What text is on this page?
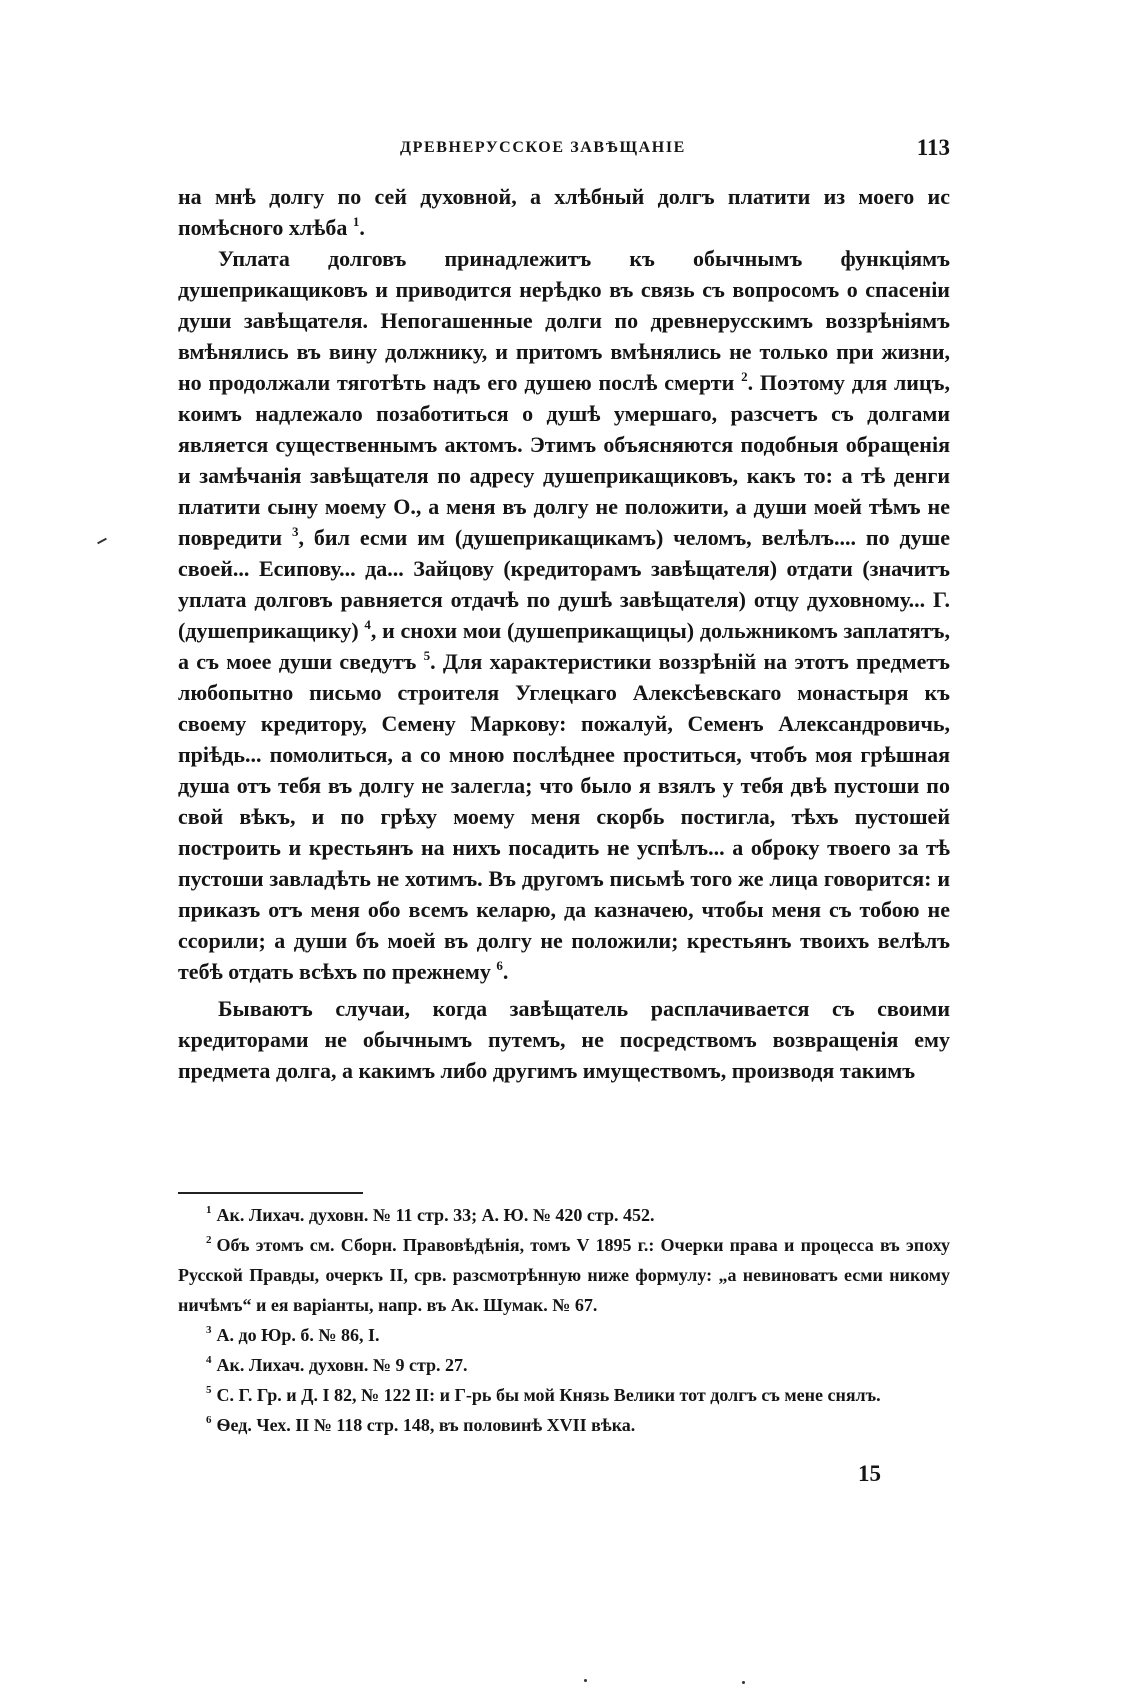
ДРЕВНЕРУССКОЕ ЗАВѢЩАНІЕ	113

на мнѣ долгу по сей духовной, а хлѣбный долгъ платити из моего ис помѣсного хлѣба $^1$.

Уплата долговъ принадлежитъ къ обычнымъ функціямъ душеприкащиковъ и приводится нерѣдко въ связь съ вопросомъ о спасеніи души завѣщателя. Непогашенные долги по древнерусскимъ воззрѣніямъ вмѣнялись въ вину должнику, и притомъ вмѣнялись не только при жизни, но продолжали тяготѣть надъ его душею послѣ смерти $^2$. Поэтому для лицъ, коимъ надлежало позаботиться о душѣ умершаго, разсчетъ съ долгами является существеннымъ актомъ. Этимъ объясняются подобныя обращенія и замѣчанія завѣщателя по адресу душеприкащиковъ, какъ то: а тѣ денги платити сыну моему О., а меня въ долгу не положити, а души моей тѣмъ не повредити $^3$, бил есми им (душеприкащикамъ) челомъ, велѣлъ.... по душе своей... Есипову... да... Зайцову (кредиторамъ завѣщателя) отдати (значитъ уплата долговъ равняется отдачѣ по душѣ завѣщателя) отцу духовному... Г. (душеприкащику) $^4$, и снохи мои (душеприкащицы) дольжникомъ заплатятъ, а съ моее души сведутъ $^5$. Для характеристики воззрѣній на этотъ предметъ любопытно письмо строителя Углецкаго Алексѣевскаго монастыря къ своему кредитору, Семену Маркову: пожалуй, Семенъ Александровичь, пріѣдь... помолиться, а со мною послѣднее проститься, чтобъ моя грѣшная душа отъ тебя въ долгу не залегла; что было я взялъ у тебя двѣ пустоши по свой вѣкъ, и по грѣху моему меня скорбь постигла, тѣхъ пустошей построить и крестьянъ на нихъ посадить не успѣлъ... а оброку твоего за тѣ пустоши завладѣть не хотимъ. Въ другомъ письмѣ того же лица говорится: и приказъ отъ меня обо всемъ келарю, да казначею, чтобы меня съ тобою не ссорили; а души бъ моей въ долгу не положили; крестьянъ твоихъ велѣлъ тебѣ отдать всѣхъ по прежнему $^6$.

Бываютъ случаи, когда завѣщатель расплачивается съ своими кредиторами не обычнымъ путемъ, не посредствомъ возвращенія ему предмета долга, а какимъ либо другимъ имуществомъ, производя такимъ

$^1$ Ак. Лихач. духовн. № 11 стр. 33; А. Ю. № 420 стр. 452.

$^2$ Объ этомъ см. Сборн. Правовѣдѣнія, томъ V 1895 г.: Очерки права и процесса въ эпоху Русской Правды, очеркъ II, срв. разсмотрѣнную ниже формулу: „а невиноватъ есми никому ничѣмъ“ и ея варіанты, напр. въ Ак. Шумак. № 67.

$^3$ А. до Юр. б. № 86, I.

$^4$ Ак. Лихач. духовн. № 9 стр. 27.

$^5$ С. Г. Гр. и Д. I 82, № 122 II: и Г-рь бы мой Князь Велики тот долгъ съ мене снялъ.

$^6$ Ѳед. Чех. II № 118 стр. 148, въ половинѣ XVII вѣка.

15
